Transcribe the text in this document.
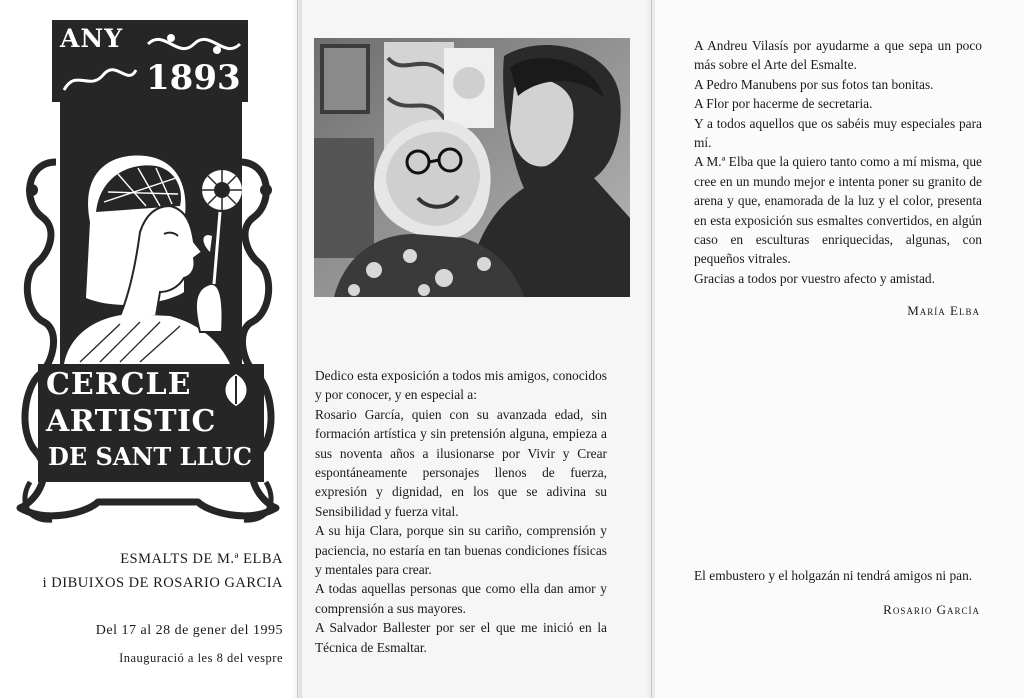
ANY
1893
CERCLE
ARTISTIC
DE SANT LLUC
ESMALTS DE M.ª ELBA
i DIBUIXOS DE ROSARIO GARCIA
Del 17 al 28 de gener del 1995
Inauguració a les 8 del vespre

Dedico esta exposición a todos mis amigos, conocidos y por conocer, y en especial a:

Rosario García, quien con su avanzada edad, sin formación artística y sin pretensión alguna, empieza a sus noventa años a ilusionarse por Vivir y Crear espontáneamente personajes llenos de fuerza, expresión y dignidad, en los que se adivina su Sensibilidad y fuerza vital.

A su hija Clara, porque sin su cariño, comprensión y paciencia, no estaría en tan buenas condiciones físicas y mentales para crear.

A todas aquellas personas que como ella dan amor y comprensión a sus mayores.

A Salvador Ballester por ser el que me inició en la Técnica de Esmaltar.

A Andreu Vilasís por ayudarme a que sepa un poco más sobre el Arte del Esmalte.

A Pedro Manubens por sus fotos tan bonitas.

A Flor por hacerme de secretaria.

Y a todos aquellos que os sabéis muy especiales para mí.

A M.ª Elba que la quiero tanto como a mí misma, que cree en un mundo mejor e intenta poner su granito de arena y que, enamorada de la luz y el color, presenta en esta exposición sus esmaltes convertidos, en algún caso en esculturas enriquecidas, algunas, con pequeños vitrales.

Gracias a todos por vuestro afecto y amistad.

María Elba
El embustero y el holgazán ni tendrá amigos ni pan.
Rosario García
